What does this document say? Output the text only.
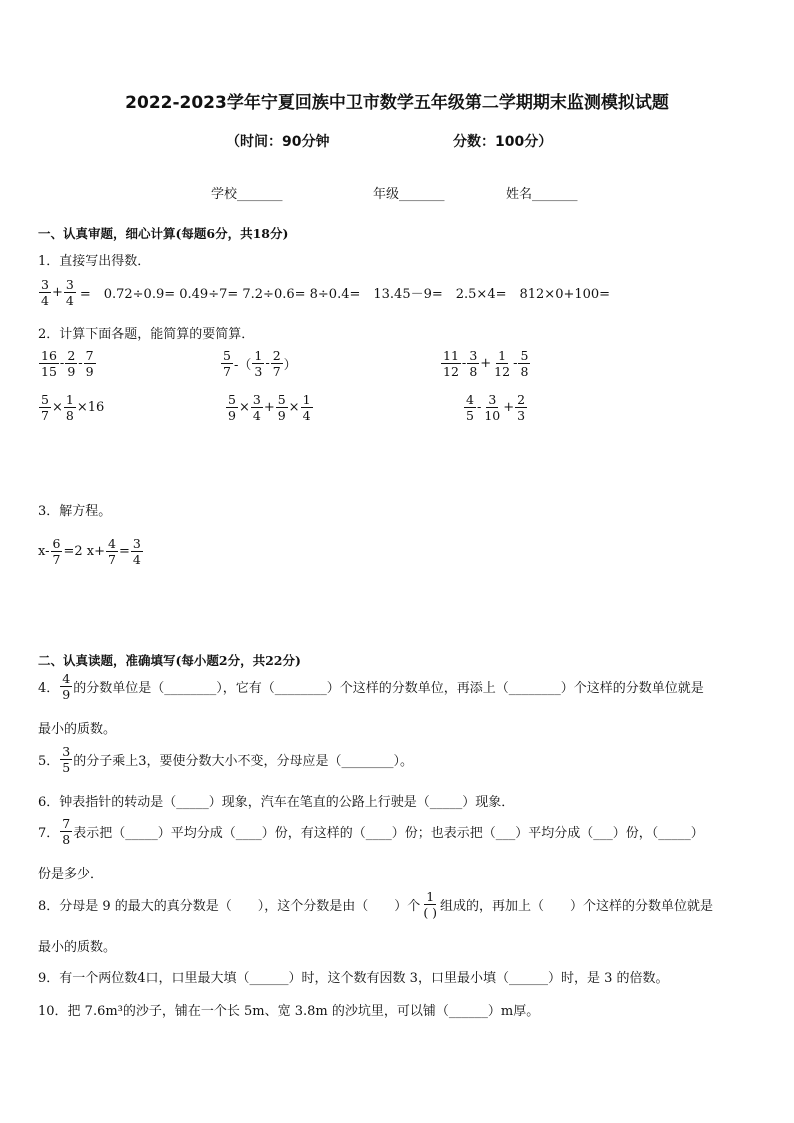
2022-2023学年宁夏回族中卫市数学五年级第二学期期末监测模拟试题
（时间：90分钟	分数：100分）
学校_______	年级_______	姓名_______
一、认真审题，细心计算(每题6分，共18分)
1．直接写出得数．
$\frac{3}{4} + \frac{3}{4}$ =　0.72÷0.9= 0.49÷7= 7.2÷0.6= 8÷0.4=　13.45－9=　2.5×4=　812×0+100=
2．计算下面各题，能简算的要简算．
$\frac{16}{15} - \frac{2}{9} - \frac{7}{9}$	$\frac{5}{7}$ -（ $\frac{1}{3} - \frac{2}{7}$ ）	$\frac{11}{12} - \frac{3}{8} + \frac{1}{12} - \frac{5}{8}$
$\frac{5}{7} \times \frac{1}{8} \times 16$	$\frac{5}{9} \times \frac{3}{4} + \frac{5}{9} \times \frac{1}{4}$	$\frac{4}{5} - \frac{3}{10} + \frac{2}{3}$
3．解方程。
$x- \frac{6}{7} =2$ $x+ \frac{4}{7} = \frac{3}{4}$
二、认真读题，准确填写(每小题2分，共22分)
4． $\frac{4}{9}$ 的分数单位是（________），它有（________）个这样的分数单位，再添上（________）个这样的分数单位就是
最小的质数。
5． $\frac{3}{5}$ 的分子乘上3，要使分数大小不变，分母应是（________）。
6．钟表指针的转动是（_____）现象，汽车在笔直的公路上行驶是（_____）现象．
7． $\frac{7}{8}$ 表示把（_____）平均分成（____）份，有这样的（____）份；也表示把（___）平均分成（___）份，（_____）
份是多少．
8．分母是 9 的最大的真分数是（　　），这个分数是由（　　）个 $\frac{1}{( )}$ 组成的，再加上（　　）个这样的分数单位就是
最小的质数。
9．有一个两位数4口，口里最大填（______）时，这个数有因数 3，口里最小填（______）时，是 3 的倍数。
10．把 7.6m³的沙子，铺在一个长 5m、宽 3.8m 的沙坑里，可以铺（______）m厚。
